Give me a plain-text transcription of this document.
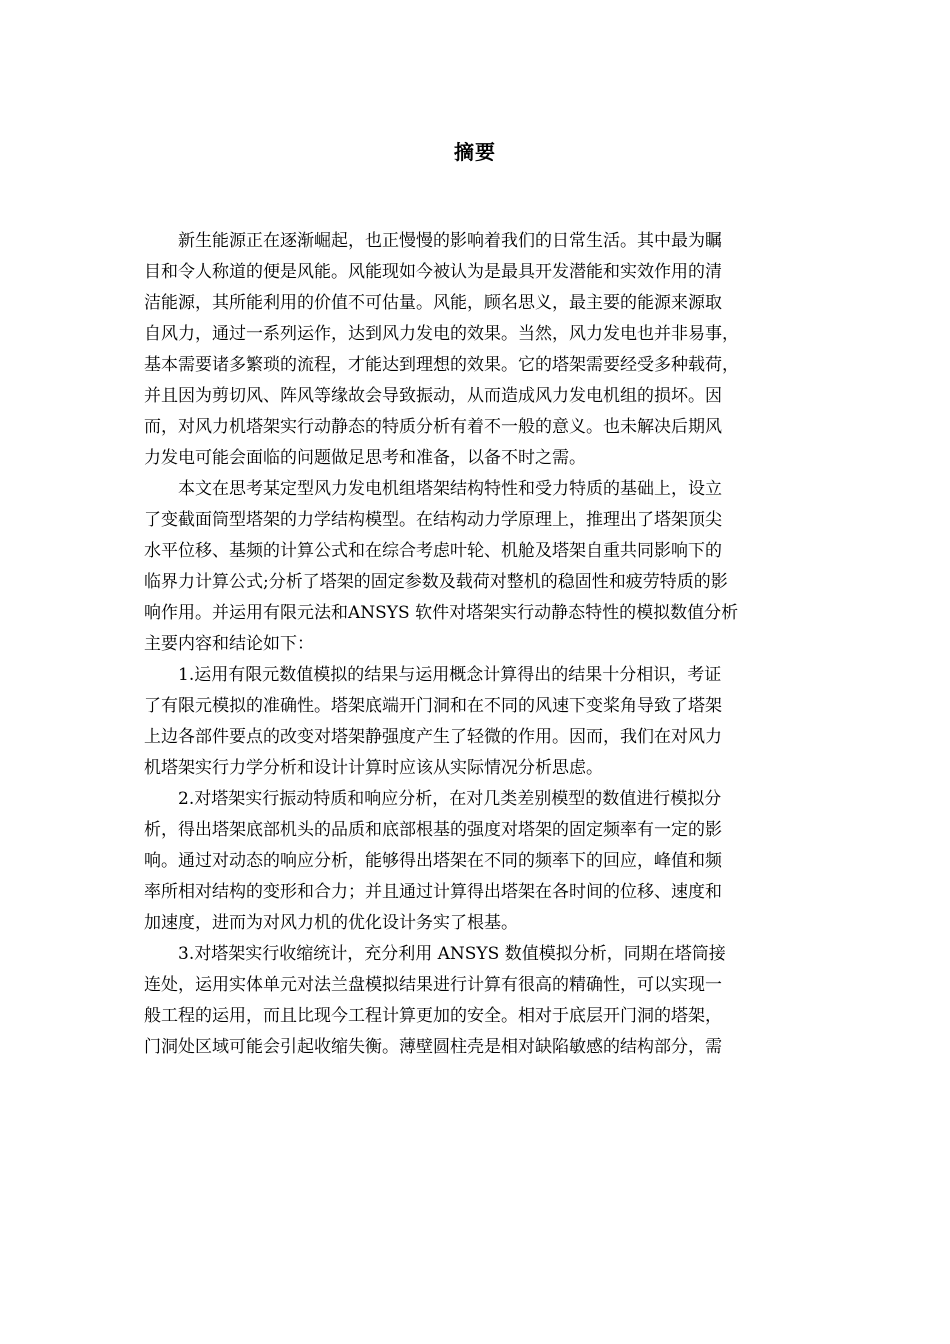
摘要

新生能源正在逐渐崛起，也正慢慢的影响着我们的日常生活。其中最为瞩
目和令人称道的便是风能。风能现如今被认为是最具开发潜能和实效作用的清
洁能源，其所能利用的价值不可估量。风能，顾名思义，最主要的能源来源取
自风力，通过一系列运作，达到风力发电的效果。当然，风力发电也并非易事，
基本需要诸多繁琐的流程，才能达到理想的效果。它的塔架需要经受多种载荷，
并且因为剪切风、阵风等缘故会导致振动，从而造成风力发电机组的损坏。因
而，对风力机塔架实行动静态的特质分析有着不一般的意义。也未解决后期风
力发电可能会面临的问题做足思考和准备，以备不时之需。

本文在思考某定型风力发电机组塔架结构特性和受力特质的基础上，设立
了变截面筒型塔架的力学结构模型。在结构动力学原理上，推理出了塔架顶尖
水平位移、基频的计算公式和在综合考虑叶轮、机舱及塔架自重共同影响下的
临界力计算公式;分析了塔架的固定参数及载荷对整机的稳固性和疲劳特质的影
响作用。并运用有限元法和ANSYS 软件对塔架实行动静态特性的模拟数值分析
主要内容和结论如下：

1.运用有限元数值模拟的结果与运用概念计算得出的结果十分相识，考证
了有限元模拟的准确性。塔架底端开门洞和在不同的风速下变桨角导致了塔架
上边各部件要点的改变对塔架静强度产生了轻微的作用。因而，我们在对风力
机塔架实行力学分析和设计计算时应该从实际情况分析思虑。

2.对塔架实行振动特质和响应分析，在对几类差别模型的数值进行模拟分
析，得出塔架底部机头的品质和底部根基的强度对塔架的固定频率有一定的影
响。通过对动态的响应分析，能够得出塔架在不同的频率下的回应，峰值和频
率所相对结构的变形和合力；并且通过计算得出塔架在各时间的位移、速度和
加速度，进而为对风力机的优化设计务实了根基。

3.对塔架实行收缩统计，充分利用 ANSYS 数值模拟分析，同期在塔筒接
连处，运用实体单元对法兰盘模拟结果进行计算有很高的精确性，可以实现一
般工程的运用，而且比现今工程计算更加的安全。相对于底层开门洞的塔架，
门洞处区域可能会引起收缩失衡。薄壁圆柱壳是相对缺陷敏感的结构部分，需
